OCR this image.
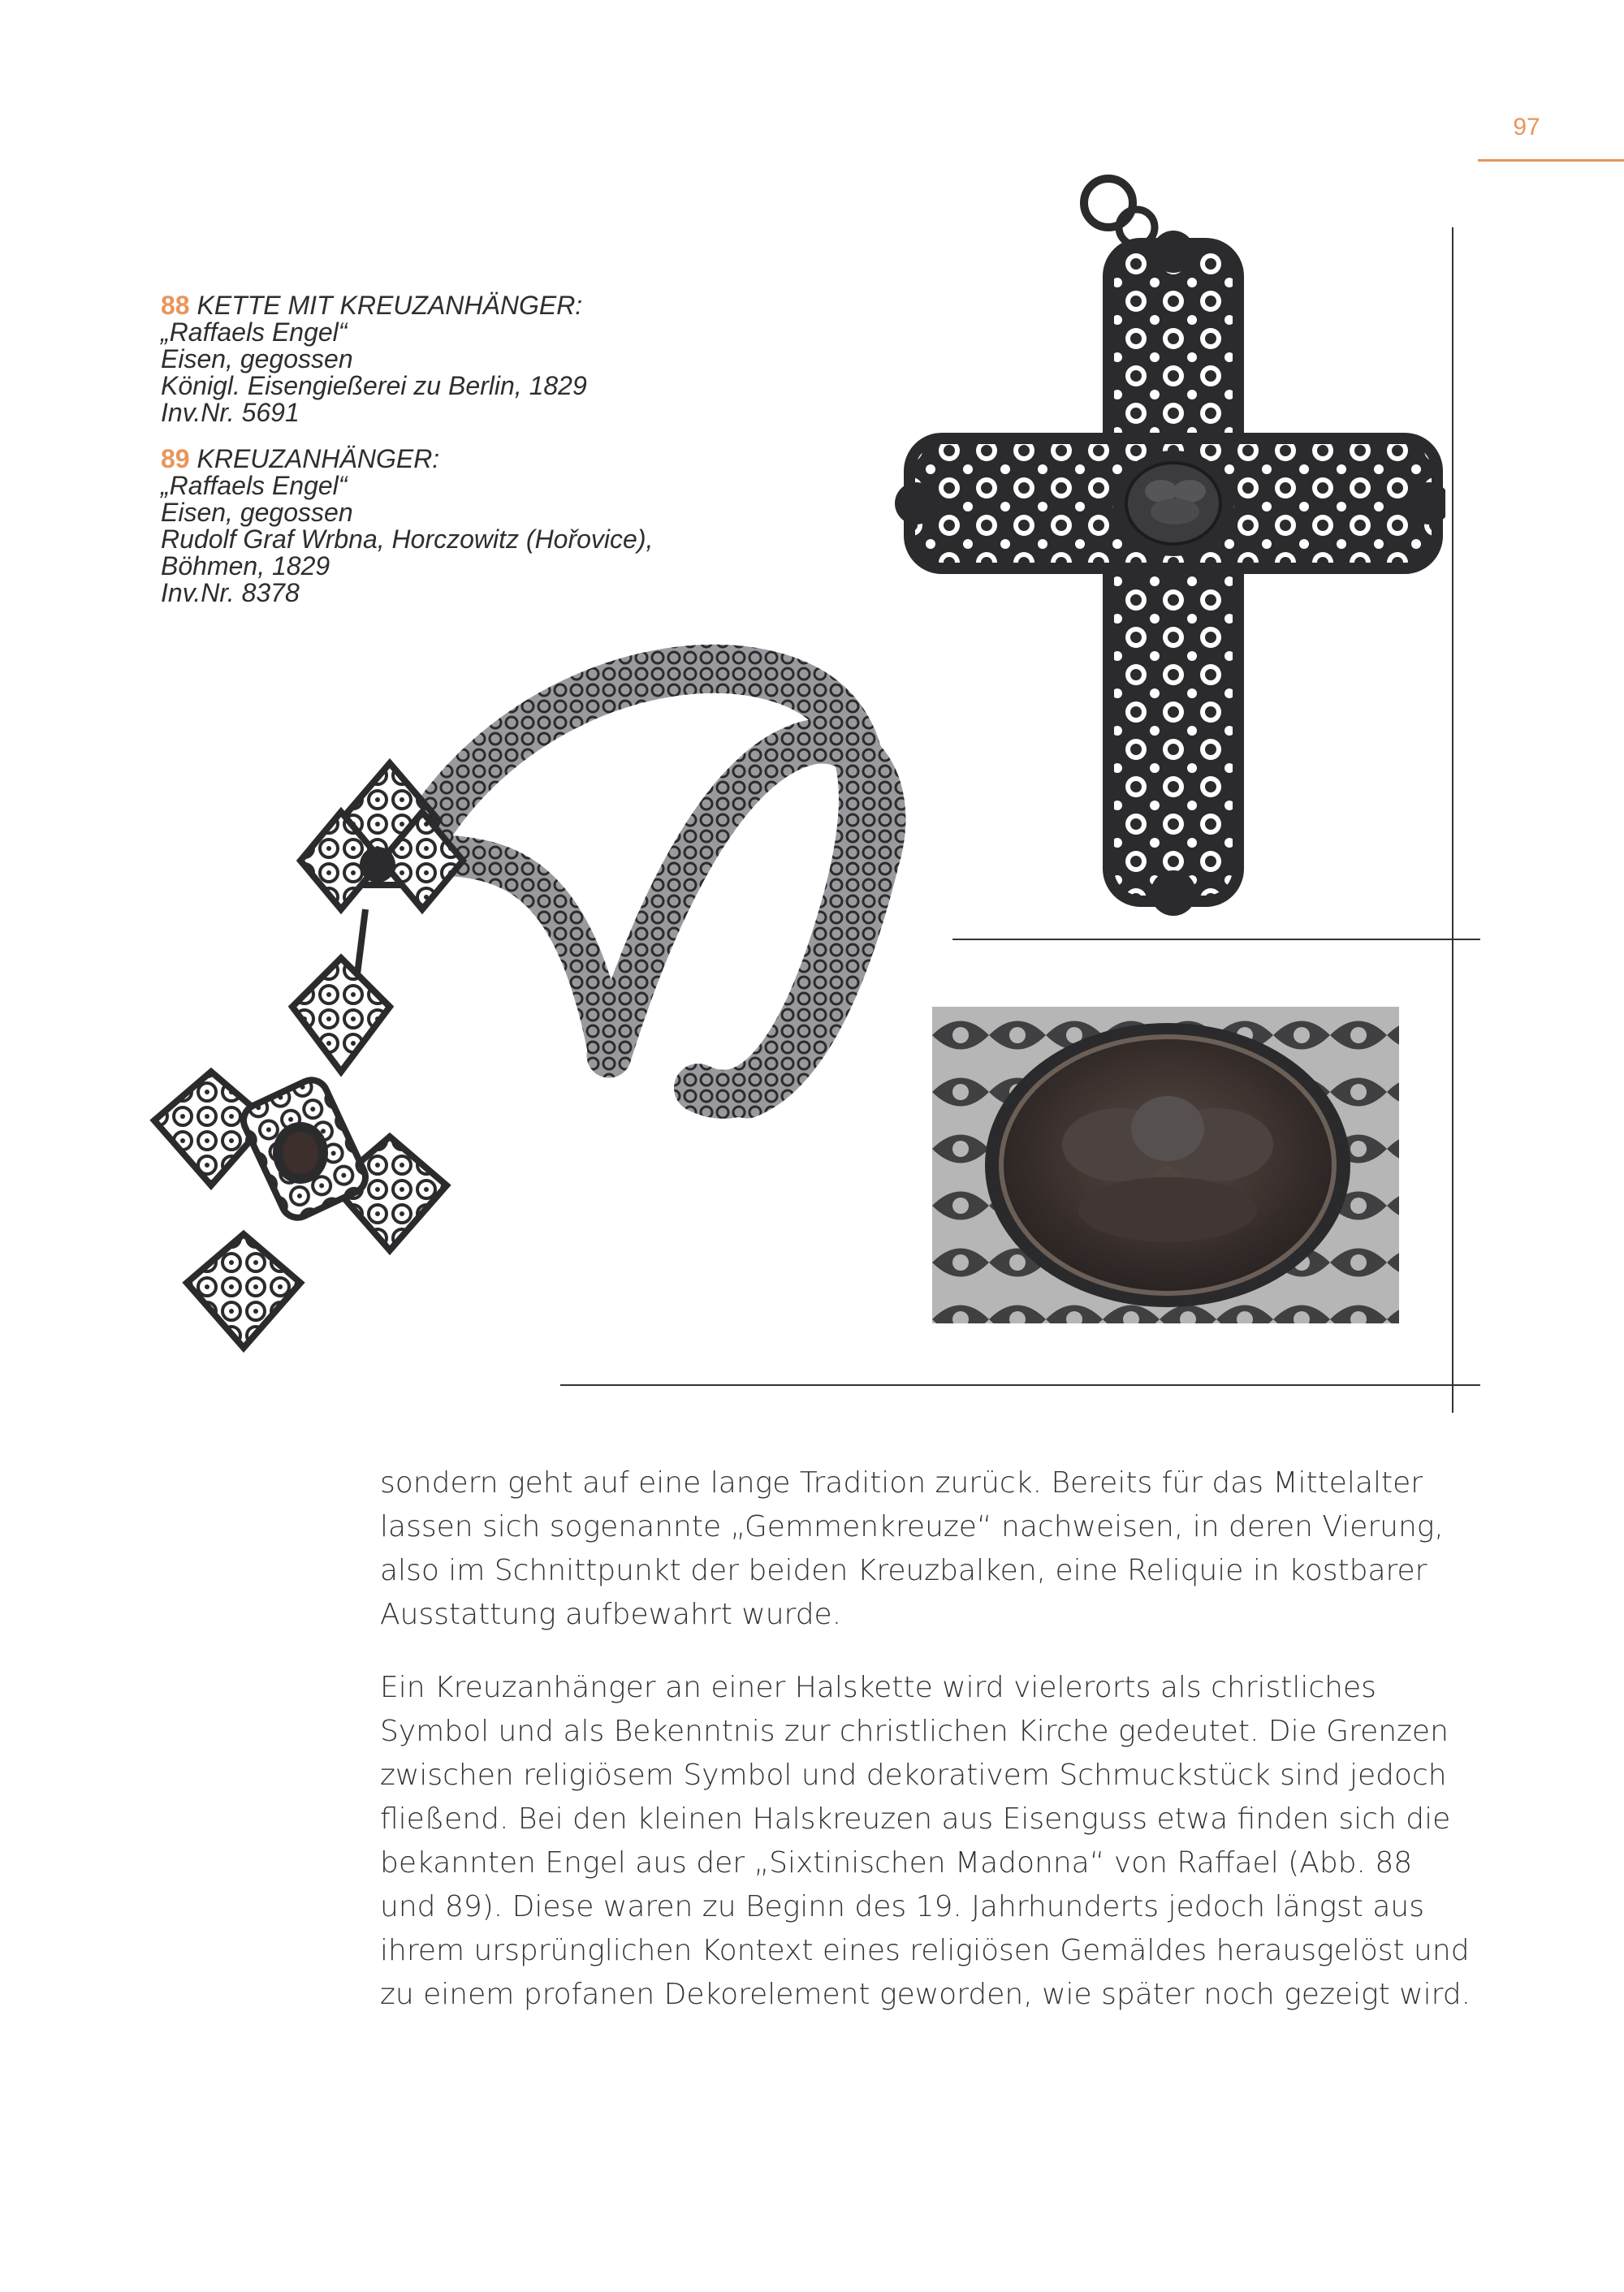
97
88 KETTE MIT KREUZANHÄNGER:
„Raffaels Engel“
Eisen, gegossen
Königl. Eisengießerei zu Berlin, 1829
Inv.Nr. 5691
89 KREUZANHÄNGER:
„Raffaels Engel“
Eisen, gegossen
Rudolf Graf Wrbna, Horczowitz (Hořovice),
Böhmen, 1829
Inv.Nr. 8378

sondern geht auf eine lange Tradition zurück. Bereits für das Mittelalter
lassen sich sogenannte „Gemmenkreuze“ nachweisen, in deren Vierung,
also im Schnittpunkt der beiden Kreuzbalken, eine Reliquie in kostbarer
Ausstattung aufbewahrt wurde.

Ein Kreuzanhänger an einer Halskette wird vielerorts als christliches
Symbol und als Bekenntnis zur christlichen Kirche gedeutet. Die Grenzen
zwischen religiösem Symbol und dekorativem Schmuckstück sind jedoch
fließend. Bei den kleinen Halskreuzen aus Eisenguss etwa finden sich die
bekannten Engel aus der „Sixtinischen Madonna“ von Raffael (Abb. 88
und 89). Diese waren zu Beginn des 19. Jahrhunderts jedoch längst aus
ihrem ursprünglichen Kontext eines religiösen Gemäldes herausgelöst und
zu einem profanen Dekorelement geworden, wie später noch gezeigt wird.
